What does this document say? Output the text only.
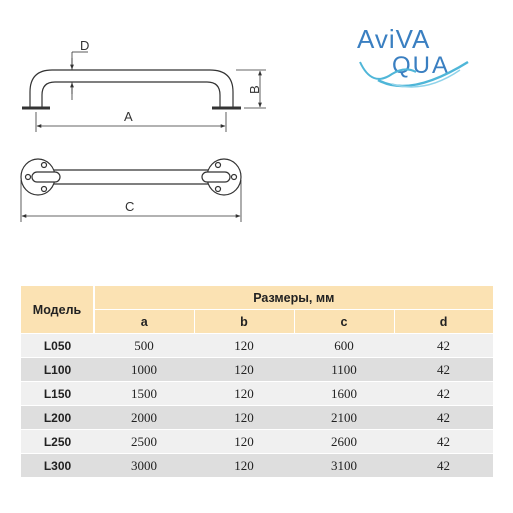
D
A
B
C
AviVA
QUA
Модель	Размеры, мм			
	a	b	c	d
L050	500	120	600	42
L100	1000	120	1100	42
L150	1500	120	1600	42
L200	2000	120	2100	42
L250	2500	120	2600	42
L300	3000	120	3100	42
